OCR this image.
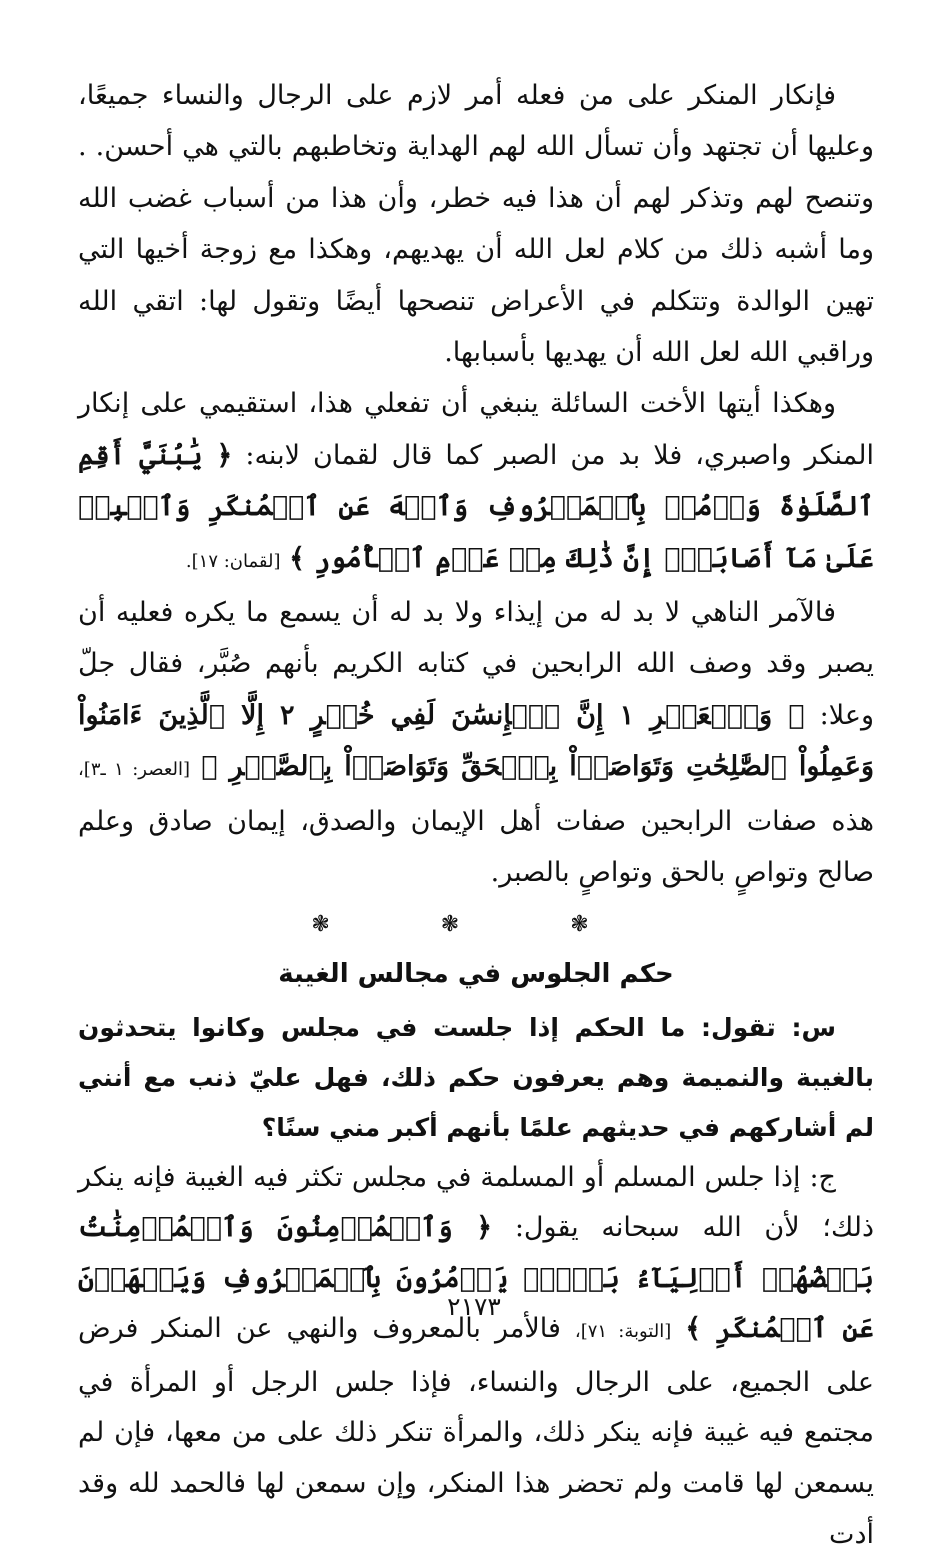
فإنكار المنكر على من فعله أمر لازم على الرجال والنساء جميعًا، وعليها أن تجتهد وأن تسأل الله لهم الهداية وتخاطبهم بالتي هي أحسن. . وتنصح لهم وتذكر لهم أن هذا فيه خطر، وأن هذا من أسباب غضب الله وما أشبه ذلك من كلام لعل الله أن يهديهم، وهكذا مع زوجة أخيها التي تهين الوالدة وتتكلم في الأعراض تنصحها أيضًا وتقول لها: اتقي الله وراقبي الله لعل الله أن يهديها بأسبابها.

وهكذا أيتها الأخت السائلة ينبغي أن تفعلي هذا، استقيمي على إنكار المنكر واصبري، فلا بد من الصبر كما قال لقمان لابنه: ﴿ يَٰبُنَيَّ أَقِمِ ٱلصَّلَوٰةَ وَأۡمُرۡ بِٱلۡمَعۡرُوفِ وَٱنۡهَ عَنِ ٱلۡمُنكَرِ وَٱصۡبِرۡ عَلَىٰ مَآ أَصَابَكَۖ إِنَّ ذَٰلِكَ مِنۡ عَزۡمِ ٱلۡأُمُورِ ﴾ [لقمان: ١٧].

فالآمر الناهي لا بد له من إيذاء ولا بد له أن يسمع ما يكره فعليه أن يصبر وقد وصف الله الرابحين في كتابه الكريم بأنهم صُبَّر، فقال جلّ وعلا: ﴿ وَٱلۡعَصۡرِ ١ إِنَّ ٱلۡإِنسَٰنَ لَفِي خُسۡرٍ ٢ إِلَّا ٱلَّذِينَ ءَامَنُواْ وَعَمِلُواْ ٱلصَّٰلِحَٰتِ وَتَوَاصَوۡاْ بِٱلۡحَقِّ وَتَوَاصَوۡاْ بِٱلصَّبۡرِ ﴾ [العصر: ١ ـ٣]، هذه صفات الرابحين صفات أهل الإيمان والصدق، إيمان صادق وعلم صالح وتواصٍ بالحق وتواصٍ بالصبر.

❃ ❃ ❃
حكم الجلوس في مجالس الغيبة

س: تقول: ما الحكم إذا جلست في مجلس وكانوا يتحدثون بالغيبة والنميمة وهم يعرفون حكم ذلك، فهل عليّ ذنب مع أنني لم أشاركهم في حديثهم علمًا بأنهم أكبر مني سنًا؟

ج: إذا جلس المسلم أو المسلمة في مجلس تكثر فيه الغيبة فإنه ينكر ذلك؛ لأن الله سبحانه يقول: ﴿ وَٱلۡمُؤۡمِنُونَ وَٱلۡمُؤۡمِنَٰتُ بَعۡضُهُمۡ أَوۡلِيَآءُ بَعۡضٖۚ يَأۡمُرُونَ بِٱلۡمَعۡرُوفِ وَيَنۡهَوۡنَ عَنِ ٱلۡمُنكَرِ ﴾ [التوبة: ٧١]، فالأمر بالمعروف والنهي عن المنكر فرض على الجميع، على الرجال والنساء، فإذا جلس الرجل أو المرأة في مجتمع فيه غيبة فإنه ينكر ذلك، والمرأة تنكر ذلك على من معها، فإن لم يسمعن لها قامت ولم تحضر هذا المنكر، وإن سمعن لها فالحمد لله وقد أدت

٢١٧٣
